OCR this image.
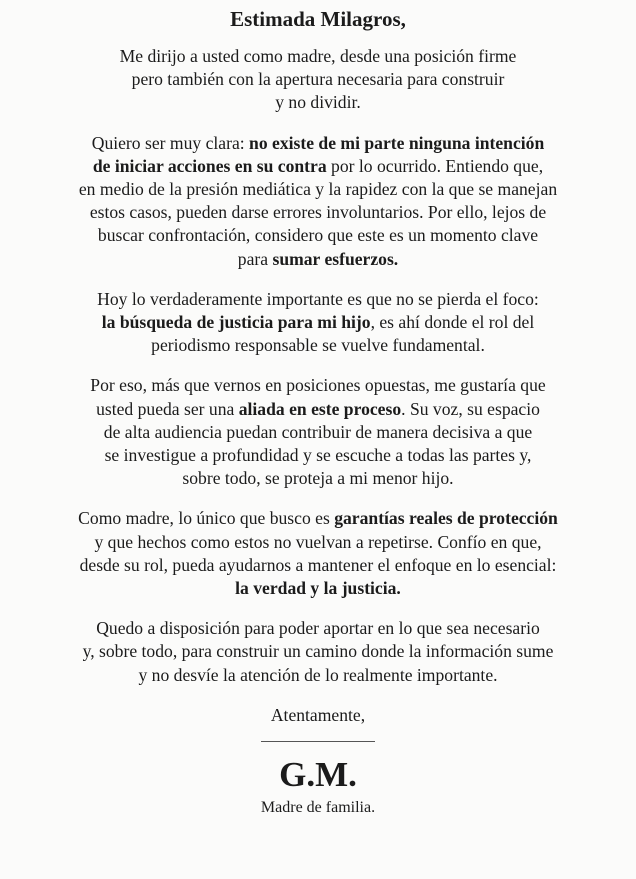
Estimada Milagros,

Me dirijo a usted como madre, desde una posición firme
pero también con la apertura necesaria para construir
y no dividir.

Quiero ser muy clara: no existe de mi parte ninguna intención
de iniciar acciones en su contra por lo ocurrido. Entiendo que,
en medio de la presión mediática y la rapidez con la que se manejan
estos casos, pueden darse errores involuntarios. Por ello, lejos de
buscar confrontación, considero que este es un momento clave
para sumar esfuerzos.

Hoy lo verdaderamente importante es que no se pierda el foco:
la búsqueda de justicia para mi hijo, es ahí donde el rol del
periodismo responsable se vuelve fundamental.

Por eso, más que vernos en posiciones opuestas, me gustaría que
usted pueda ser una aliada en este proceso. Su voz, su espacio
de alta audiencia puedan contribuir de manera decisiva a que
se investigue a profundidad y se escuche a todas las partes y,
sobre todo, se proteja a mi menor hijo.

Como madre, lo único que busco es garantías reales de protección
y que hechos como estos no vuelvan a repetirse. Confío en que,
desde su rol, pueda ayudarnos a mantener el enfoque en lo esencial:
la verdad y la justicia.

Quedo a disposición para poder aportar en lo que sea necesario
y, sobre todo, para construir un camino donde la información sume
y no desvíe la atención de lo realmente importante.

Atentamente,
G.M.
Madre de familia.
